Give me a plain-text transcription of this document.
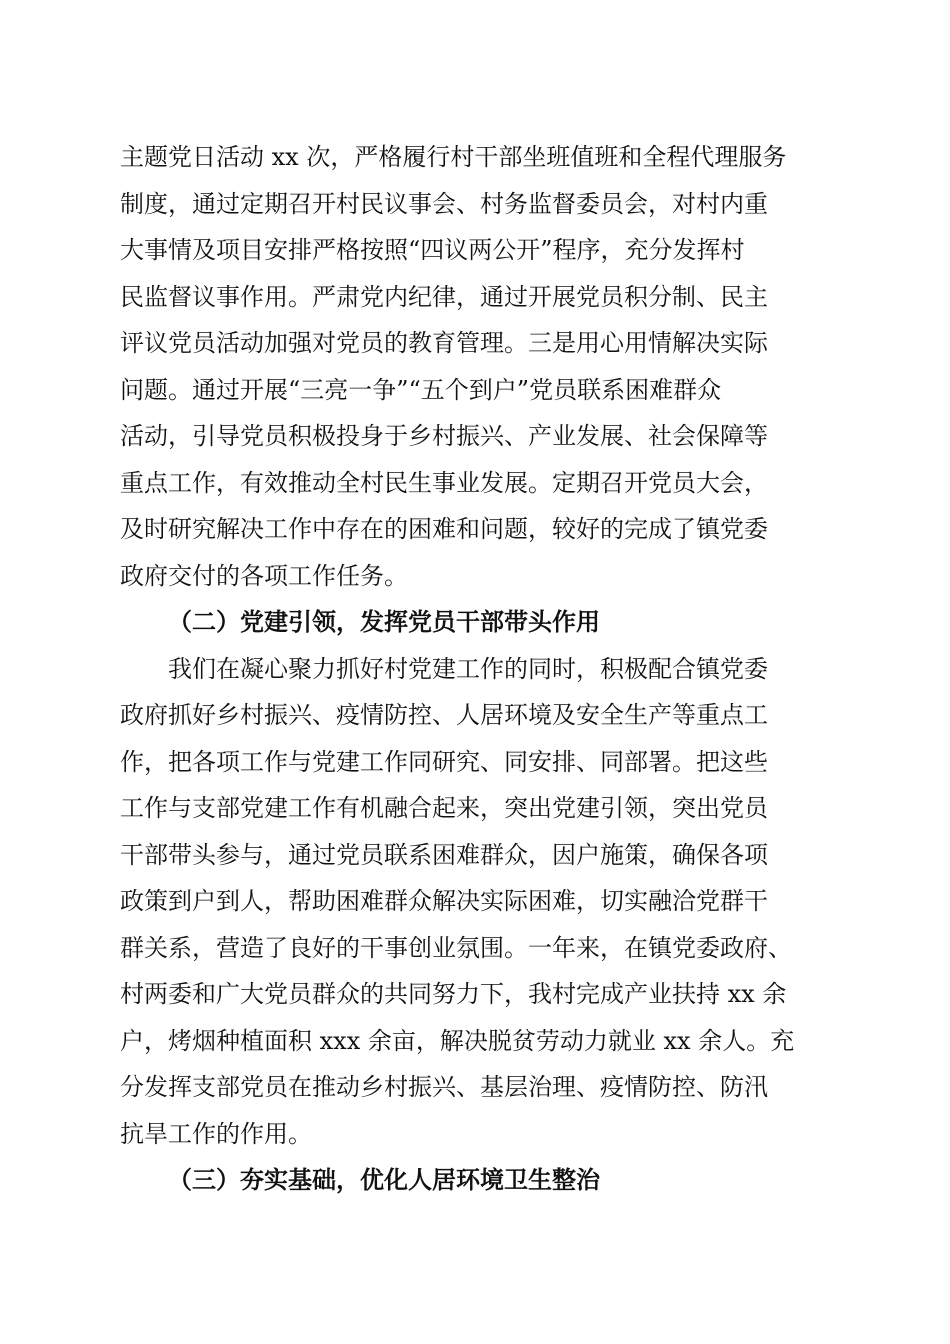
主题党日活动 xx 次，严格履行村干部坐班值班和全程代理服务
制度，通过定期召开村民议事会、村务监督委员会，对村内重
大事情及项目安排严格按照“四议两公开”程序，充分发挥村
民监督议事作用。严肃党内纪律，通过开展党员积分制、民主
评议党员活动加强对党员的教育管理。三是用心用情解决实际
问题。通过开展“三亮一争”“五个到户”党员联系困难群众
活动，引导党员积极投身于乡村振兴、产业发展、社会保障等
重点工作，有效推动全村民生事业发展。定期召开党员大会，
及时研究解决工作中存在的困难和问题，较好的完成了镇党委
政府交付的各项工作任务。
（二）党建引领，发挥党员干部带头作用
我们在凝心聚力抓好村党建工作的同时，积极配合镇党委
政府抓好乡村振兴、疫情防控、人居环境及安全生产等重点工
作，把各项工作与党建工作同研究、同安排、同部署。把这些
工作与支部党建工作有机融合起来，突出党建引领，突出党员
干部带头参与，通过党员联系困难群众，因户施策，确保各项
政策到户到人，帮助困难群众解决实际困难，切实融洽党群干
群关系，营造了良好的干事创业氛围。一年来，在镇党委政府、
村两委和广大党员群众的共同努力下，我村完成产业扶持 xx 余
户，烤烟种植面积 xxx 余亩，解决脱贫劳动力就业 xx 余人。充
分发挥支部党员在推动乡村振兴、基层治理、疫情防控、防汛
抗旱工作的作用。
（三）夯实基础，优化人居环境卫生整治
